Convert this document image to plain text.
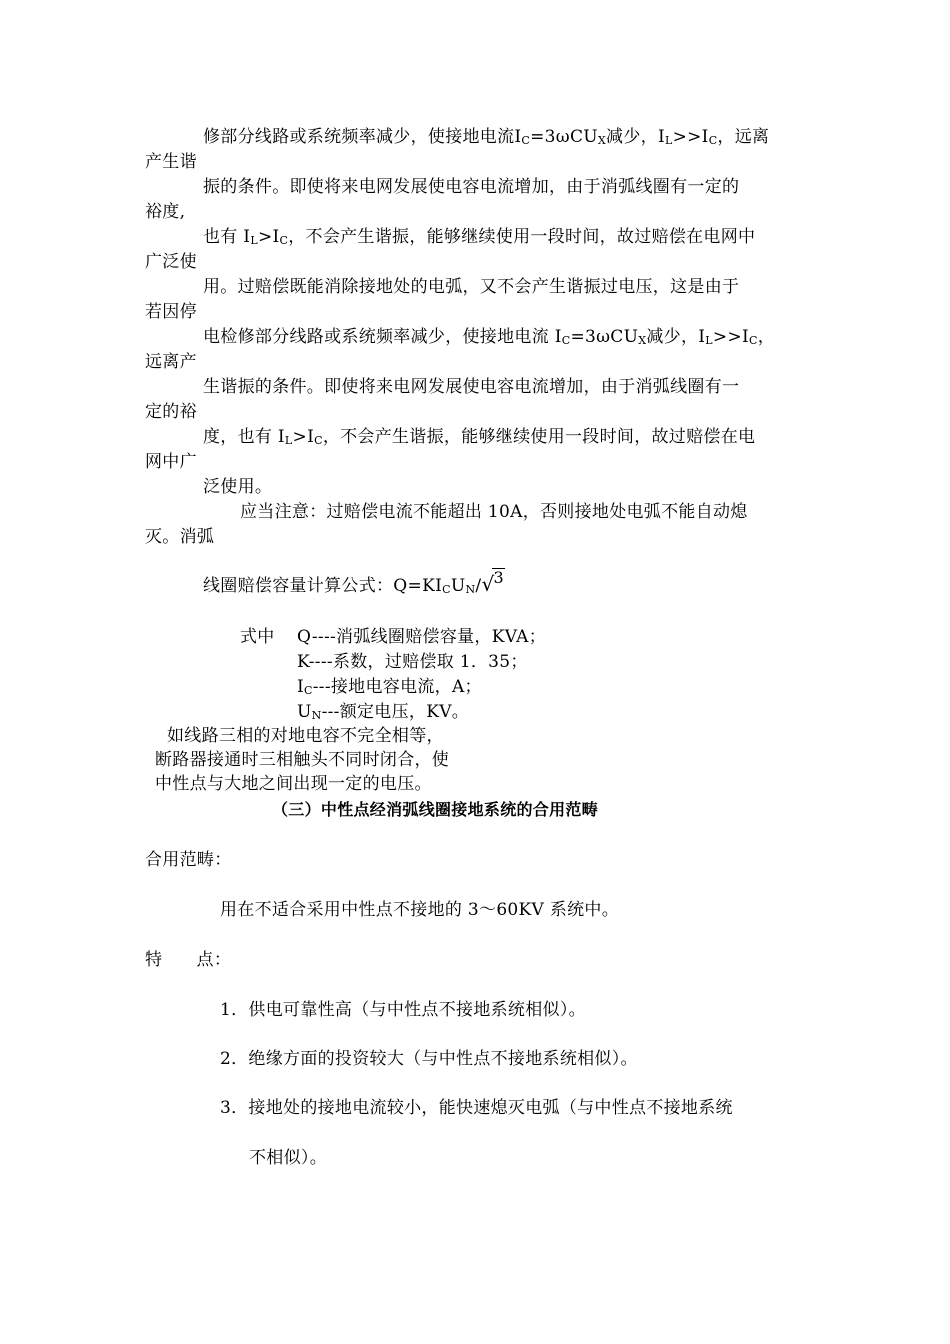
修部分线路或系统频率减少，使接地电流IC=3ωCUX减少，IL>>IC，远离
产生谐
振的条件。即使将来电网发展使电容电流增加，由于消弧线圈有一定的
裕度,
也有 IL>IC，不会产生谐振，能够继续使用一段时间，故过赔偿在电网中
广泛使
用。过赔偿既能消除接地处的电弧，又不会产生谐振过电压，这是由于
若因停
电检修部分线路或系统频率减少，使接地电流 IC=3ωCUX减少，IL>>IC，
远离产
生谐振的条件。即使将来电网发展使电容电流增加，由于消弧线圈有一
定的裕
度，也有 IL>IC，不会产生谐振，能够继续使用一段时间，故过赔偿在电
网中广
泛使用。
应当注意：过赔偿电流不能超出 10A，否则接地处电弧不能自动熄
灭。消弧
线圈赔偿容量计算公式：Q=KICUN/√3
式中 Q----消弧线圈赔偿容量，KVA；
K----系数，过赔偿取 1．35；
IC---接地电容电流，A；
UN---额定电压，KV。
如线路三相的对地电容不完全相等，
断路器接通时三相触头不同时闭合，使
中性点与大地之间出现一定的电压。
（三）中性点经消弧线圈接地系统的合用范畴
合用范畴：
用在不适合采用中性点不接地的 3～60KV 系统中。
特      点：
1．供电可靠性高（与中性点不接地系统相似）。
2．绝缘方面的投资较大（与中性点不接地系统相似）。
3．接地处的接地电流较小，能快速熄灭电弧（与中性点不接地系统
不相似）。
